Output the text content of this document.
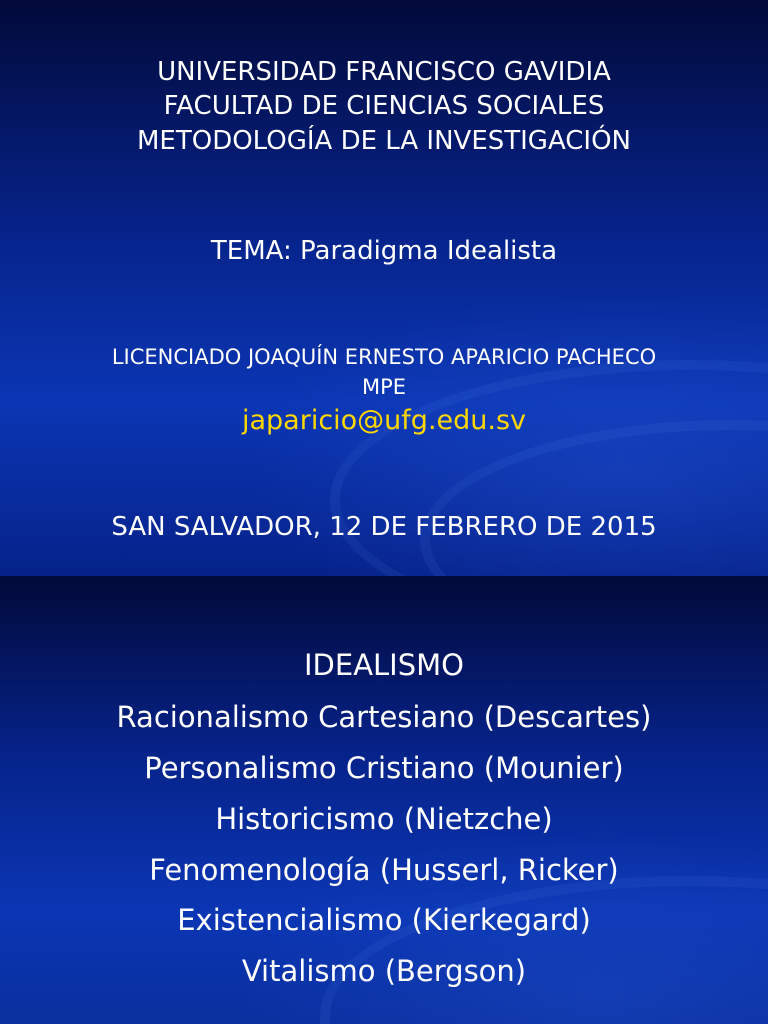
UNIVERSIDAD FRANCISCO GAVIDIA

FACULTAD DE CIENCIAS SOCIALES

METODOLOGÍA DE LA INVESTIGACIÓN

TEMA: Paradigma Idealista

LICENCIADO JOAQUÍN ERNESTO APARICIO PACHECO

MPE

japaricio@ufg.edu.sv

SAN SALVADOR, 12 DE FEBRERO DE 2015

IDEALISMO

Racionalismo Cartesiano (Descartes)

Personalismo Cristiano (Mounier)

Historicismo (Nietzche)

Fenomenología (Husserl, Ricker)

Existencialismo (Kierkegard)

Vitalismo (Bergson)
